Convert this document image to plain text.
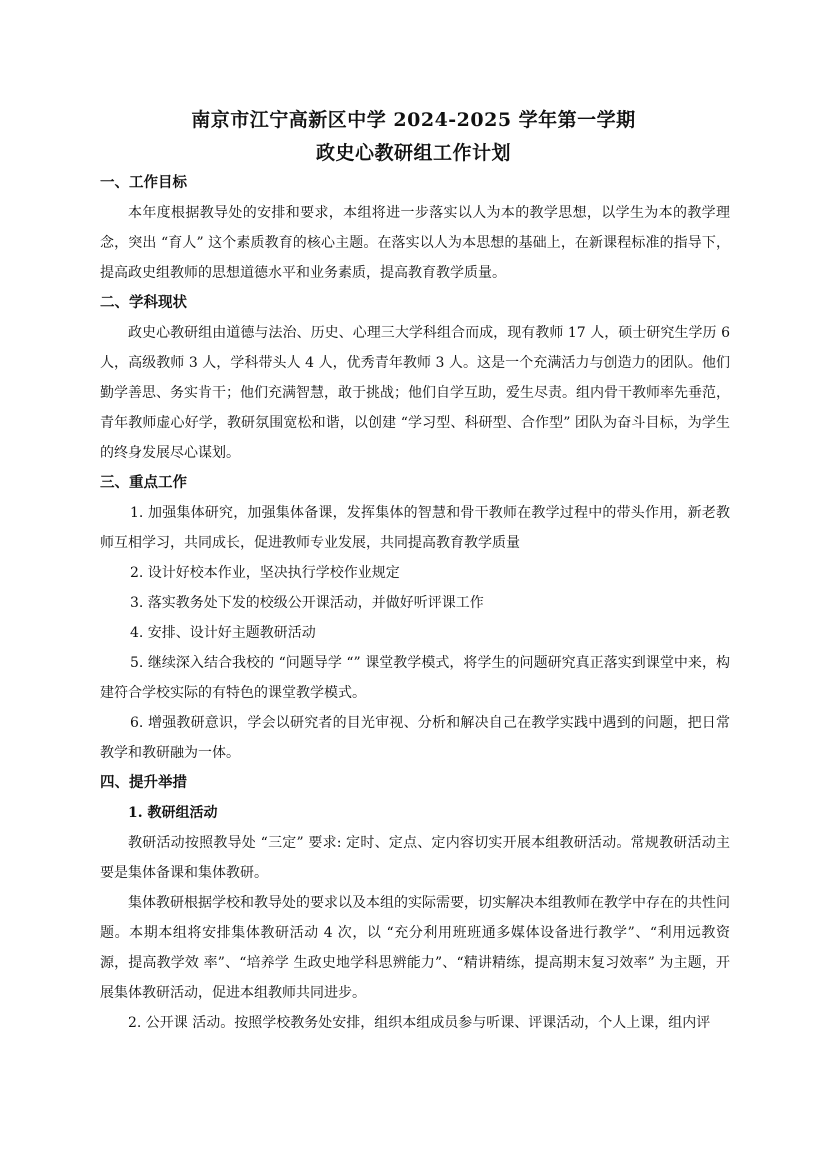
南京市江宁高新区中学 2024-2025 学年第一学期
政史心教研组工作计划

一、工作目标

本年度根据教导处的安排和要求，本组将进一步落实以人为本的教学思想，以学生为本的教学理念，突出 “育人” 这个素质教育的核心主题。在落实以人为本思想的基础上，在新课程标准的指导下，提高政史组教师的思想道德水平和业务素质，提高教育教学质量。

二、学科现状

政史心教研组由道德与法治、历史、心理三大学科组合而成，现有教师 17 人，硕士研究生学历 6 人，高级教师 3 人，学科带头人 4 人，优秀青年教师 3 人。这是一个充满活力与创造力的团队。他们勤学善思、务实肯干；他们充满智慧，敢于挑战；他们自学互助，爱生尽责。组内骨干教师率先垂范，青年教师虚心好学，教研氛围宽松和谐，以创建 “学习型、科研型、合作型” 团队为奋斗目标，为学生的终身发展尽心谋划。

三、重点工作

1. 加强集体研究，加强集体备课，发挥集体的智慧和骨干教师在教学过程中的带头作用，新老教师互相学习，共同成长，促进教师专业发展，共同提高教育教学质量

2. 设计好校本作业，坚决执行学校作业规定

3. 落实教务处下发的校级公开课活动，并做好听评课工作

4. 安排、设计好主题教研活动

5. 继续深入结合我校的 “问题导学 “” 课堂教学模式，将学生的问题研究真正落实到课堂中来，构建符合学校实际的有特色的课堂教学模式。

6. 增强教研意识，学会以研究者的目光审视、分析和解决自己在教学实践中遇到的问题，把日常教学和教研融为一体。

四、提升举措

1. 教研组活动

教研活动按照教导处 “三定” 要求: 定时、定点、定内容切实开展本组教研活动。常规教研活动主要是集体备课和集体教研。

集体教研根据学校和教导处的要求以及本组的实际需要，切实解决本组教师在教学中存在的共性问题。本期本组将安排集体教研活动 4 次，以 “充分利用班班通多媒体设备进行教学”、“利用远教资源，提高教学效 率”、“培养学 生政史地学科思辨能力”、“精讲精练，提高期末复习效率” 为主题，开展集体教研活动，促进本组教师共同进步。

2. 公开课 活动。按照学校教务处安排，组织本组成员参与听课、评课活动，个人上课，组内评
